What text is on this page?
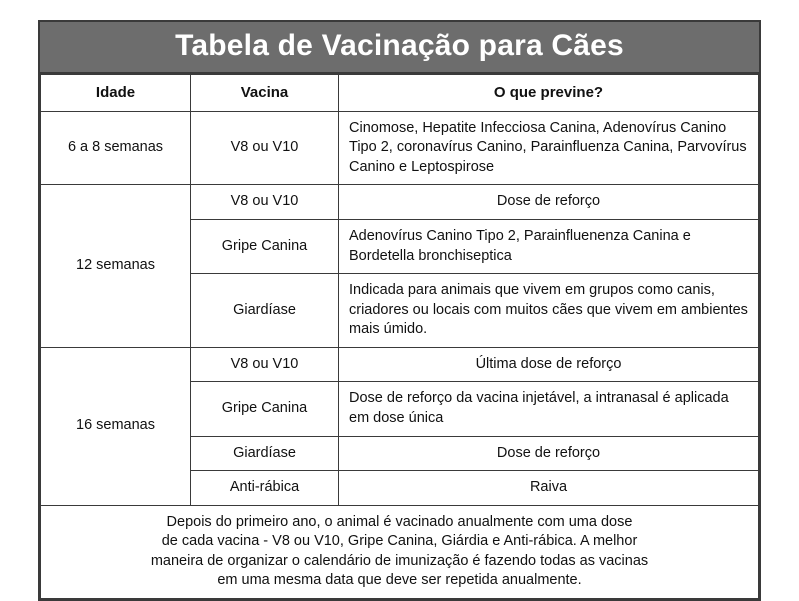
Tabela de Vacinação para Cães
Idade	Vacina	O que previne?
6 a 8 semanas	V8 ou V10	Cinomose, Hepatite Infecciosa Canina, Adenovírus Canino Tipo 2, coronavírus Canino, Parainfluenza Canina, Parvovírus Canino e Leptospirose
12 semanas	V8 ou V10	Dose de reforço
	Gripe Canina	Adenovírus Canino Tipo 2, Parainfluenenza Canina e Bordetella bronchiseptica
	Giardíase	Indicada para animais que vivem em grupos como canis, criadores ou locais com muitos cães que vivem em ambientes mais úmido.
16 semanas	V8 ou V10	Última dose de reforço
	Gripe Canina	Dose de reforço da vacina injetável, a intranasal é aplicada em dose única
	Giardíase	Dose de reforço
	Anti-rábica	Raiva

Depois do primeiro ano, o animal é vacinado anualmente com uma dose
de cada vacina - V8 ou V10, Gripe Canina, Giárdia e Anti-rábica. A melhor
maneira de organizar o calendário de imunização é fazendo todas as vacinas
em uma mesma data que deve ser repetida anualmente.		
